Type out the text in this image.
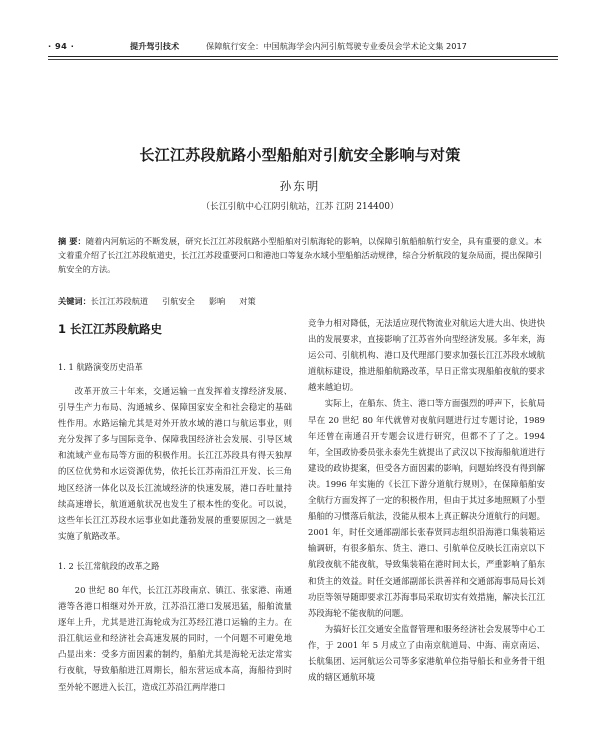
· 94 ·	提升驾引技术	保障航行安全：中国航海学会内河引航驾驶专业委员会学术论文集 2017
长江江苏段航路小型船舶对引航安全影响与对策
孙东明
（长江引航中心江阴引航站，江苏 江阴 214400）
摘 要：随着内河航运的不断发展，研究长江江苏段航路小型船舶对引航海轮的影响，以保障引航船舶航行安全，具有重要的意义。本文着重介绍了长江江苏段航道史，长江江苏段重要河口和港池口等复杂水域小型船舶活动规律，综合分析航段的复杂局面，提出保障引航安全的方法。
关键词：长江江苏段航道 引航安全 影响 对策
1 长江江苏段航路史
1. 1 航路演变历史沿革

改革开放三十年来，交通运输一直发挥着支撑经济发展、引导生产力布局、沟通城乡、保障国家安全和社会稳定的基础性作用。水路运输尤其是对外开放水域的港口与航运事业，则充分发挥了多与国际竞争、保障我国经济社会发展、引导区域和流域产业布局等方面的积极作用。长江江苏段具有得天独厚的区位优势和水运资源优势，依托长江苏南沿江开发、长三角地区经济一体化以及长江流域经济的快速发展，港口吞吐量持续高速增长，航道通航状况也发生了根本性的变化。可以说，这些年长江江苏段水运事业如此蓬勃发展的重要原因之一就是实施了航路改革。

1. 2 长江常航段的改革之路

20 世纪 80 年代，长江江苏段南京、镇江、张家港、南通港等各港口相继对外开放，江苏沿江港口发展迅猛，船舶流量逐年上升，尤其是进江海轮成为江苏经江港口运输的主力。在沿江航运业和经济社会高速发展的同时，一个问题不可避免地凸显出来：受多方面因素的制约，船舶尤其是海轮无法定常实行夜航，导致船舶进江周期长，船东营运成本高，海船待到时至外轮不愿进入长江，造成江苏沿江两岸港口

竞争力相对降低，无法适应现代物流业对航运大进大出、快进快出的发展要求，直接影响了江苏省外向型经济发展。多年来，海运公司、引航机构、港口及代理部门要求加强长江江苏段水域航道航标建设，推进船舶航路改革，早日正常实现船舶夜航的要求越来越迫切。

实际上，在船东、货主、港口等方面强烈的呼声下，长航局早在 20 世纪 80 年代就曾对夜航问题进行过专题讨论，1989 年还曾在南通召开专题会议进行研究，但都不了了之。1994 年，全国政协委员张永泰先生就提出了武汉以下按海船航道进行建设的政协提案，但受各方面因素的影响，问题始终没有得到解决。1996 年实施的《长江下游分道航行规则》，在保障船舶安全航行方面发挥了一定的积极作用，但由于其过多地照顾了小型船舶的习惯落后航法，没能从根本上真正解决分道航行的问题。2001 年，时任交通部副部长张春贤同志组织沿海港口集装箱运输调研，有很多船东、货主、港口、引航单位反映长江南京以下航段夜航不能夜航，导致集装箱在港时间太长，严重影响了船东和货主的效益。时任交通部副部长洪善祥和交通部海事局局长刘功臣等领导随即要求江苏海事局采取切实有效措施，解决长江江苏段海轮不能夜航的问题。

为搞好长江交通安全监督管理和服务经济社会发展等中心工作，于 2001 年 5 月成立了由南京航道局、中海、南京南运、长航集团、运河航运公司等多家港航单位指导船长和业务骨干组成的辖区通航环境
